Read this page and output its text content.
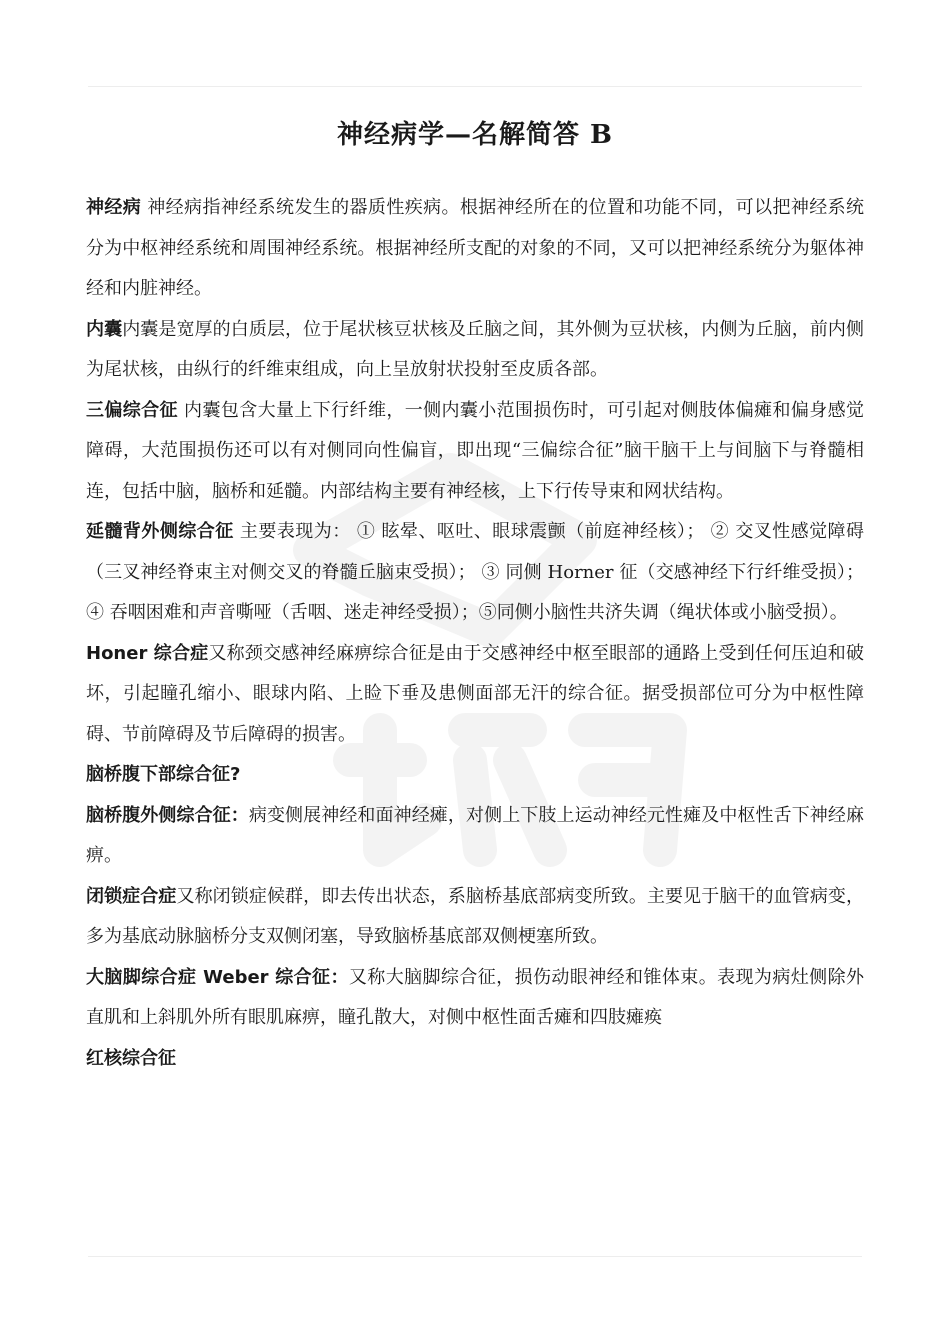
神经病学—名解简答 B

神经病 神经病指神经系统发生的器质性疾病。根据神经所在的位置和功能不同，可以把神经系统分为中枢神经系统和周围神经系统。根据神经所支配的对象的不同，又可以把神经系统分为躯体神经和内脏神经。

内囊内囊是宽厚的白质层，位于尾状核豆状核及丘脑之间，其外侧为豆状核，内侧为丘脑，前内侧为尾状核，由纵行的纤维束组成，向上呈放射状投射至皮质各部。

三偏综合征 内囊包含大量上下行纤维，一侧内囊小范围损伤时，可引起对侧肢体偏瘫和偏身感觉障碍，大范围损伤还可以有对侧同向性偏盲，即出现“三偏综合征”脑干脑干上与间脑下与脊髓相连，包括中脑，脑桥和延髓。内部结构主要有神经核，上下行传导束和网状结构。

延髓背外侧综合征 主要表现为： ① 眩晕、呕吐、眼球震颤（前庭神经核）； ② 交叉性感觉障碍（三叉神经脊束主对侧交叉的脊髓丘脑束受损）； ③ 同侧 Horner 征（交感神经下行纤维受损）； ④ 吞咽困难和声音嘶哑（舌咽、迷走神经受损）；⑤同侧小脑性共济失调（绳状体或小脑受损）。

Honer 综合症又称颈交感神经麻痹综合征是由于交感神经中枢至眼部的通路上受到任何压迫和破坏，引起瞳孔缩小、眼球内陷、上睑下垂及患侧面部无汗的综合征。据受损部位可分为中枢性障碍、节前障碍及节后障碍的损害。

脑桥腹下部综合征?

脑桥腹外侧综合征：病变侧展神经和面神经瘫，对侧上下肢上运动神经元性瘫及中枢性舌下神经麻痹。

闭锁症合症又称闭锁症候群，即去传出状态，系脑桥基底部病变所致。主要见于脑干的血管病变，多为基底动脉脑桥分支双侧闭塞，导致脑桥基底部双侧梗塞所致。

大脑脚综合症 Weber 综合征：又称大脑脚综合征，损伤动眼神经和锥体束。表现为病灶侧除外直肌和上斜肌外所有眼肌麻痹，瞳孔散大，对侧中枢性面舌瘫和四肢瘫痪

红核综合征
